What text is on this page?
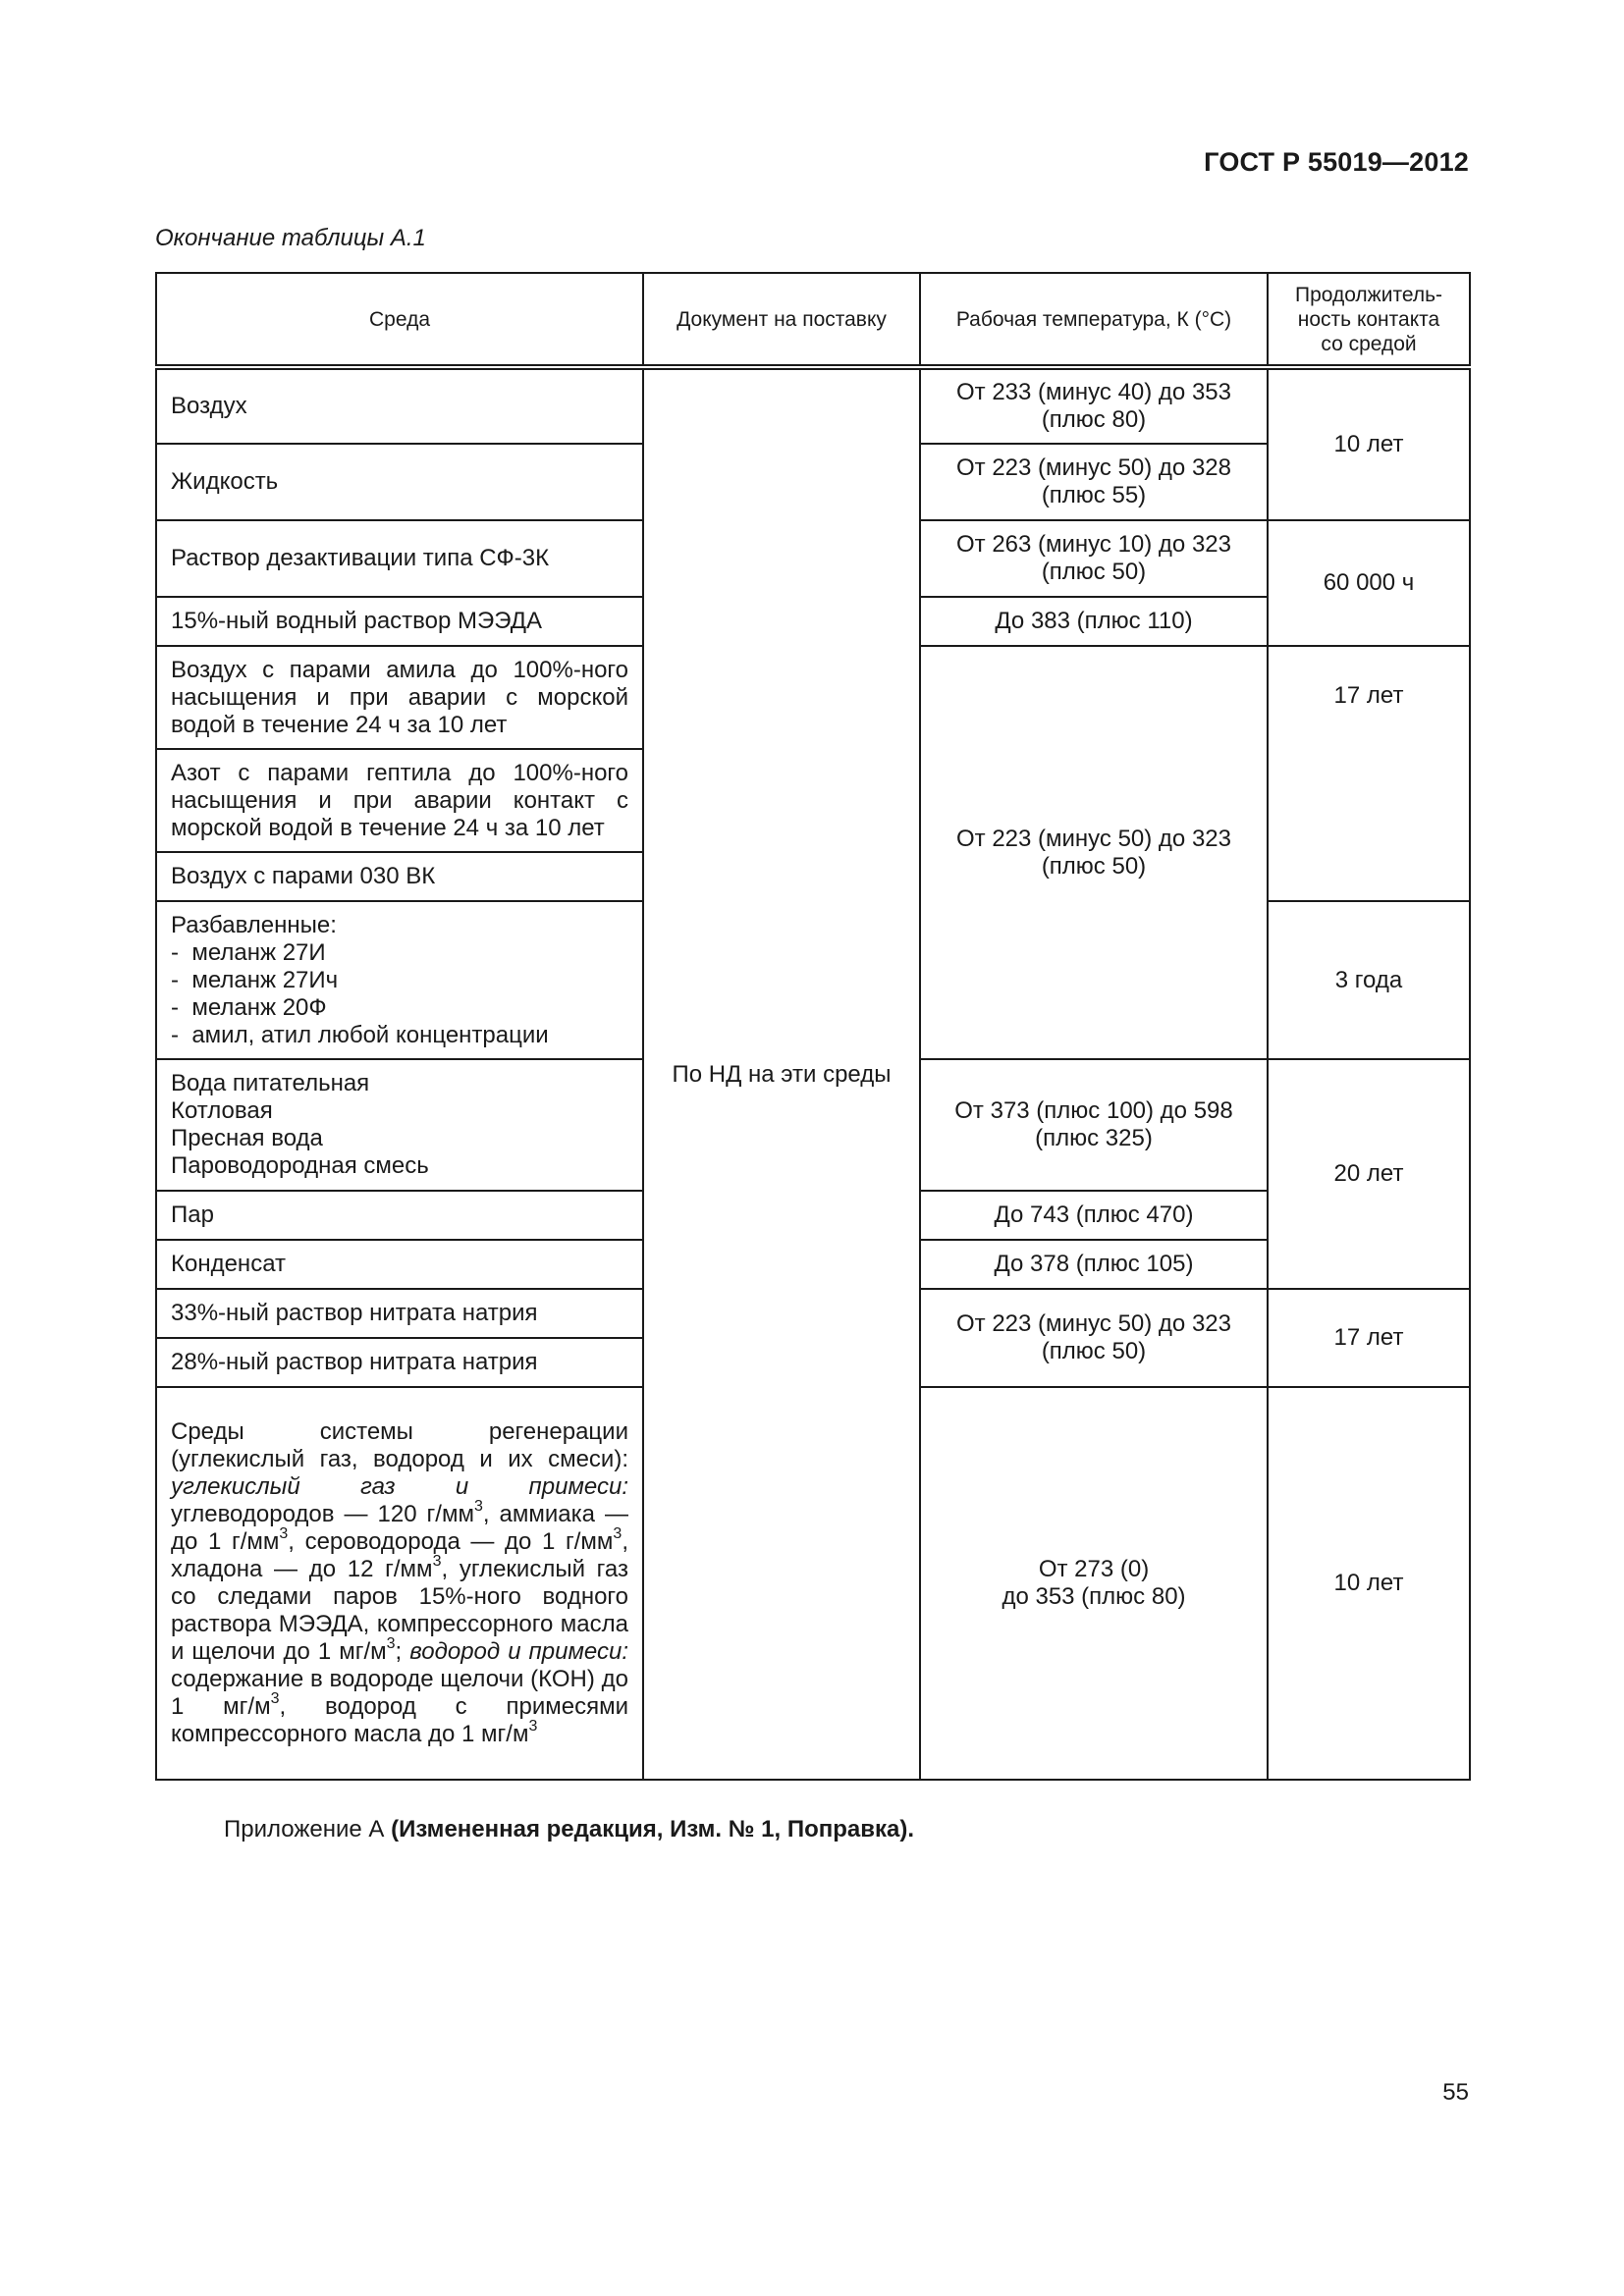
ГОСТ Р 55019—2012
Окончание таблицы А.1
Среда	Документ на поставку	Рабочая температура, К (°С)	Продолжитель-
ность контакта
со средой
Воздух	По НД на эти среды	От 233 (минус 40) до 353 (плюс 80)	10 лет
Жидкость		От 223 (минус 50) до 328 (плюс 55)	
Раствор дезактивации типа СФ-3К		От 263 (минус 10) до 323 (плюс 50)	60 000 ч
15%-ный водный раствор МЭЭДА		До 383 (плюс 110)	
Воздух с парами амила до 100%-ного насыщения и при аварии с морской водой в течение 24 ч за 10 лет		От 223 (минус 50) до 323 (плюс 50)	17 лет
Азот с парами гептила до 100%-ного насыщения и при аварии контакт с морской водой в течение 24 ч за 10 лет			
Воздух с парами 030 ВК			

Разбавленные:
-  меланж 27И
-  меланж 27Ич
-  меланж 20Ф
-  амил, атил любой концентрации			3 года

Вода питательная
Котловая
Пресная вода
Пароводородная смесь		От 373 (плюс 100) до 598 (плюс 325)	20 лет
Пар		До 743 (плюс 470)	
Конденсат		До 378 (плюс 105)	
33%-ный раствор нитрата натрия		От 223 (минус 50) до 323 (плюс 50)	17 лет
28%-ный раствор нитрата натрия			
Среды системы регенерации (углекислый газ, водород и их смеси): углекислый газ и примеси: углеводородов — 120 $г/мм^3$, аммиака — до 1 $г/мм^3$, сероводорода — до 1 $г/мм^3$, хладона — до 12 $г/мм^3$, углекислый газ со следами паров 15%-ного водного раствора МЭЭДА, компрессорного масла и щелочи до 1 $мг/м^3$; водород и примеси: содержание в водороде щелочи (КОН) до 1 $мг/м^3$, водород с примесями компрессорного масла до 1 $мг/м^3$		От 273 (0)
до 353 (плюс 80)	10 лет
Приложение А (Измененная редакция, Изм. № 1, Поправка).
55
